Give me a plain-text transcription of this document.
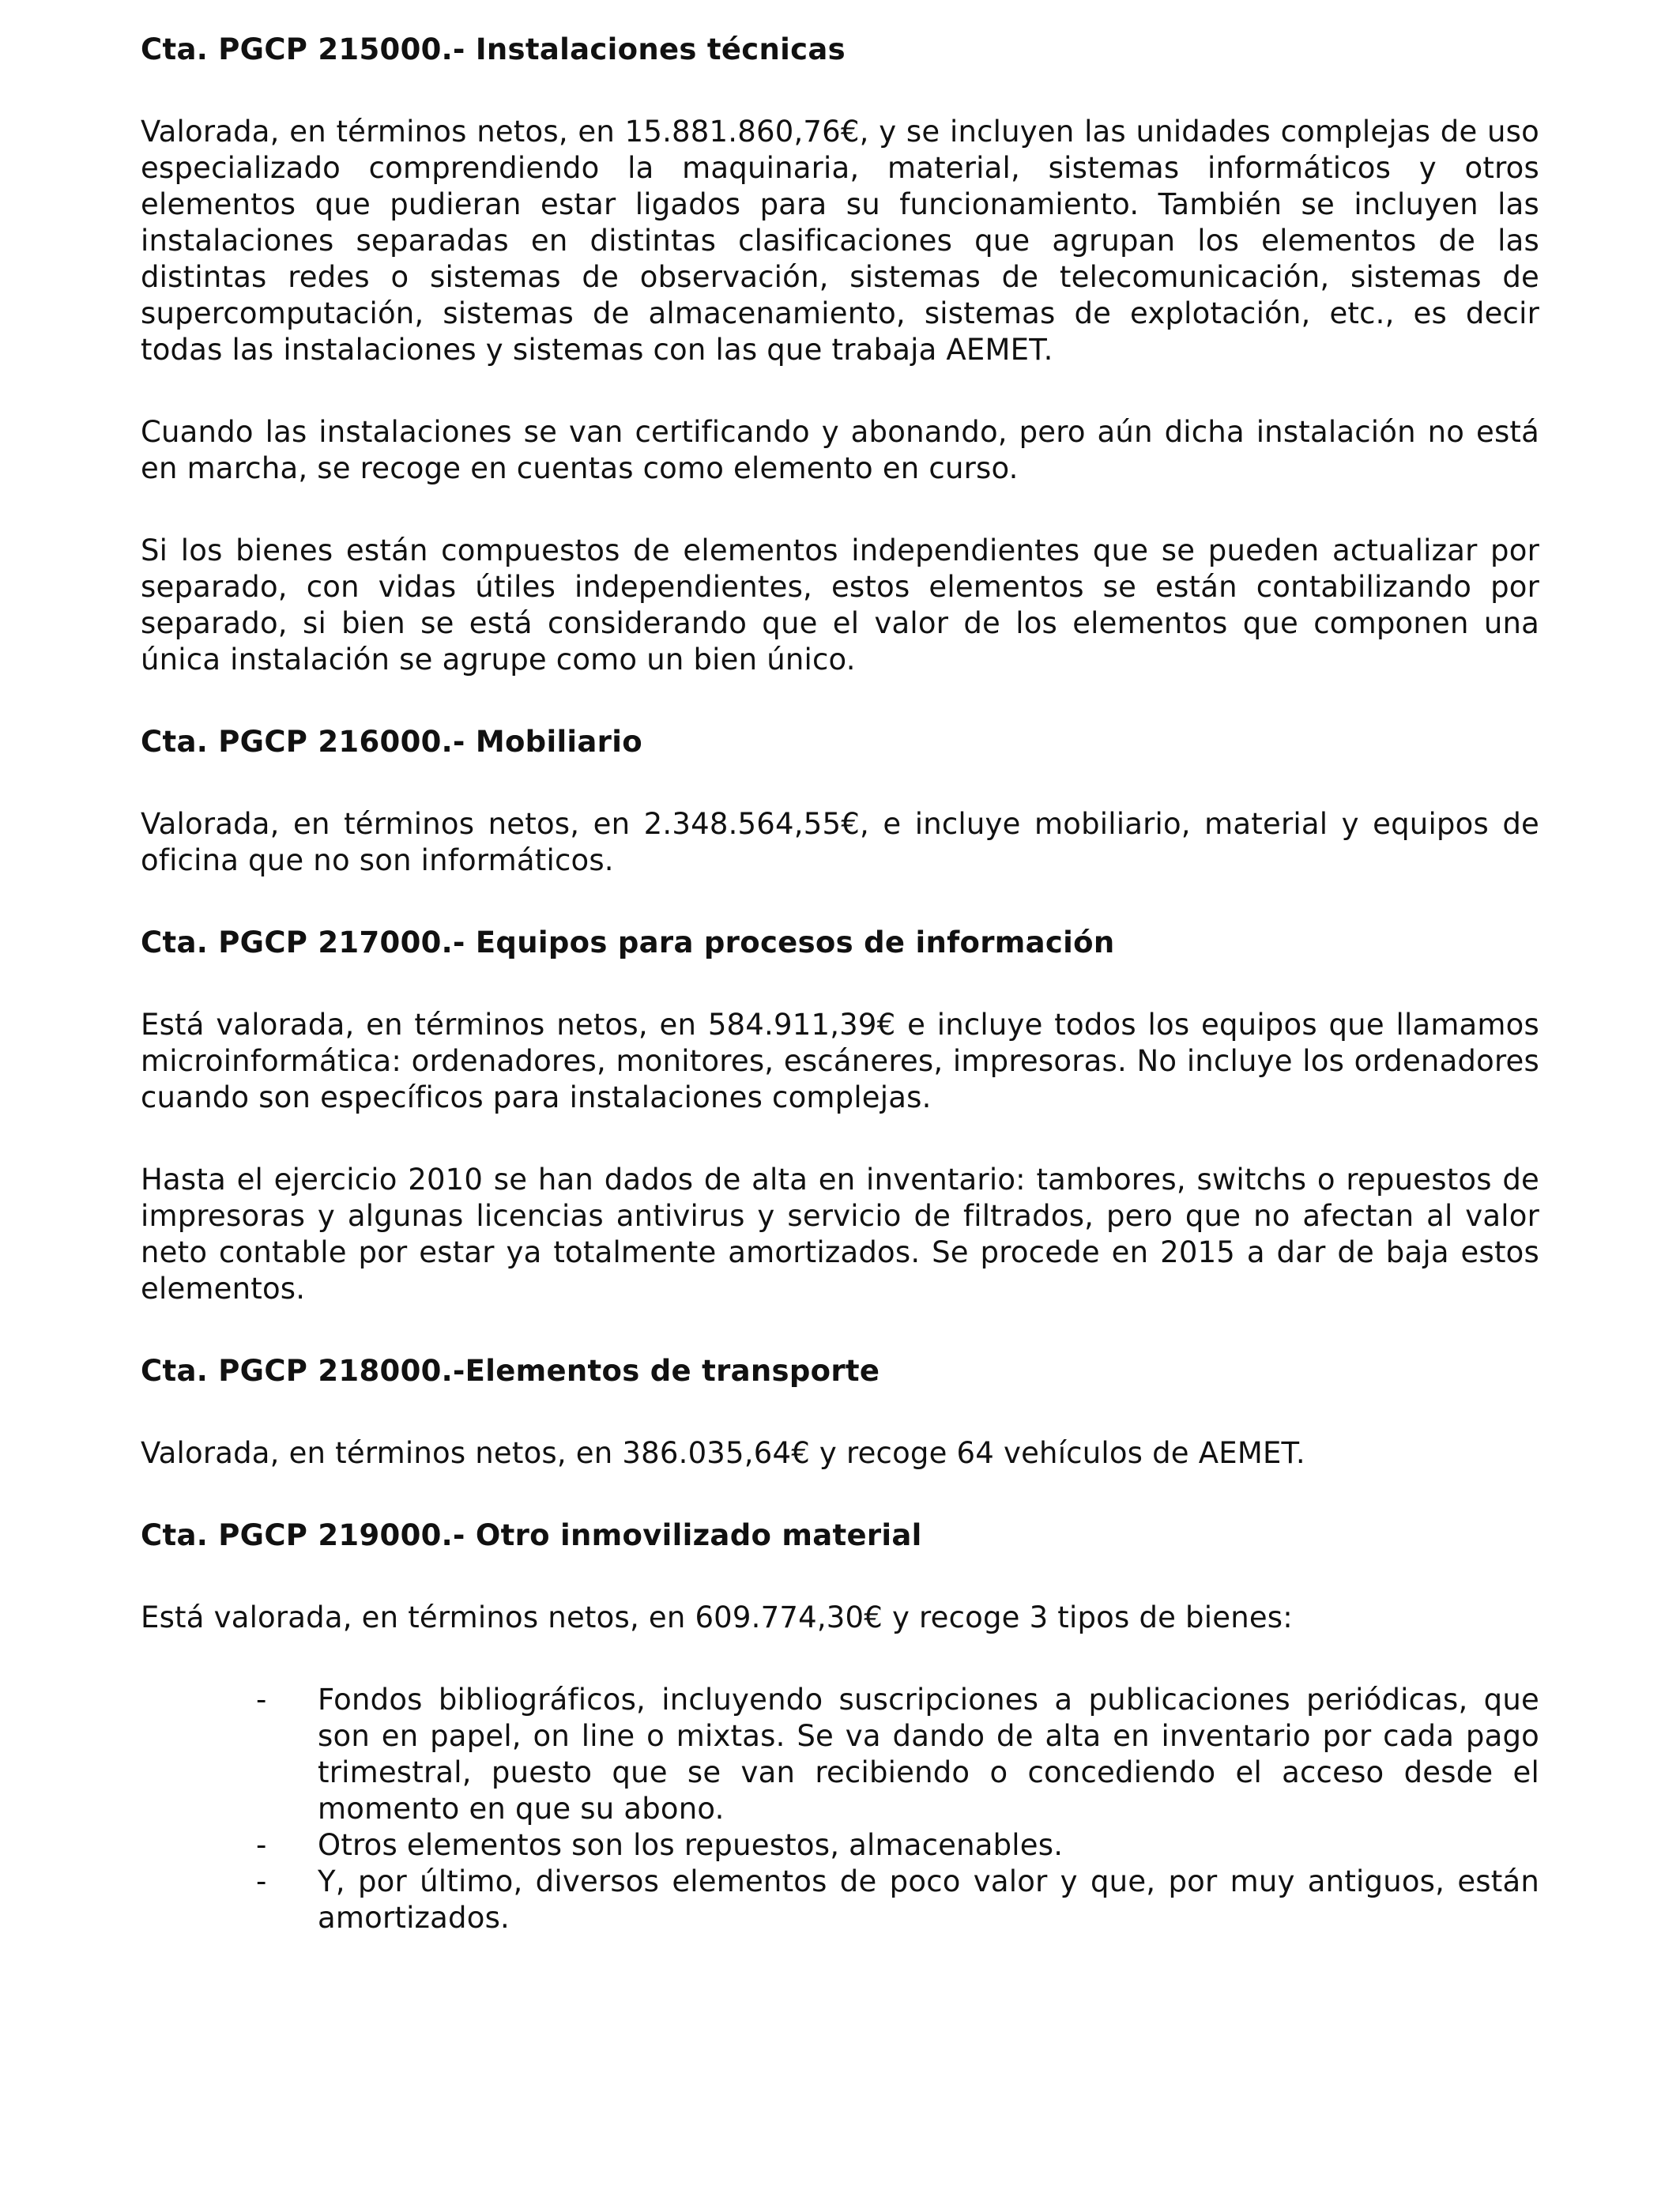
Cta. PGCP 215000.- Instalaciones técnicas

Valorada, en términos netos, en 15.881.860,76€, y se incluyen las unidades complejas de uso especializado comprendiendo la maquinaria, material, sistemas informáticos y otros elementos que pudieran estar ligados para su funcionamiento. También se incluyen las instalaciones separadas en distintas clasificaciones que agrupan los elementos de las distintas redes o sistemas de observación, sistemas de telecomunicación, sistemas de supercomputación, sistemas de almacenamiento, sistemas de explotación, etc., es decir todas las instalaciones y sistemas con las que trabaja AEMET.

Cuando las instalaciones se van certificando y abonando, pero aún dicha instalación no está en marcha, se recoge en cuentas como elemento en curso.

Si los bienes están compuestos de elementos independientes que se pueden actualizar por separado, con vidas útiles independientes, estos elementos se están contabilizando por separado, si bien se está considerando que el valor de los elementos que componen una única instalación se agrupe como un bien único.

Cta. PGCP 216000.- Mobiliario

Valorada, en términos netos, en 2.348.564,55€, e incluye mobiliario, material y equipos de oficina que no son informáticos.

Cta. PGCP 217000.- Equipos para procesos de información

Está valorada, en términos netos, en 584.911,39€ e incluye todos los equipos que llamamos microinformática: ordenadores, monitores, escáneres, impresoras. No incluye los ordenadores cuando son específicos para instalaciones complejas.

Hasta el ejercicio 2010 se han dados de alta en inventario: tambores, switchs o repuestos de impresoras y algunas licencias antivirus y servicio de filtrados, pero que no afectan al valor neto contable por estar ya totalmente amortizados. Se procede en 2015 a dar de baja estos elementos.

Cta. PGCP 218000.-Elementos de transporte

Valorada, en términos netos, en 386.035,64€ y recoge 64 vehículos de AEMET.

Cta. PGCP 219000.- Otro inmovilizado material

Está valorada, en términos netos, en 609.774,30€ y recoge 3 tipos de bienes:

- Fondos bibliográficos, incluyendo suscripciones a publicaciones periódicas, que son en papel, on line o mixtas. Se va dando de alta en inventario por cada pago trimestral, puesto que se van recibiendo o concediendo el acceso desde el momento en que su abono.
- Otros elementos son los repuestos, almacenables.
- Y, por último, diversos elementos de poco valor y que, por muy antiguos, están amortizados.
